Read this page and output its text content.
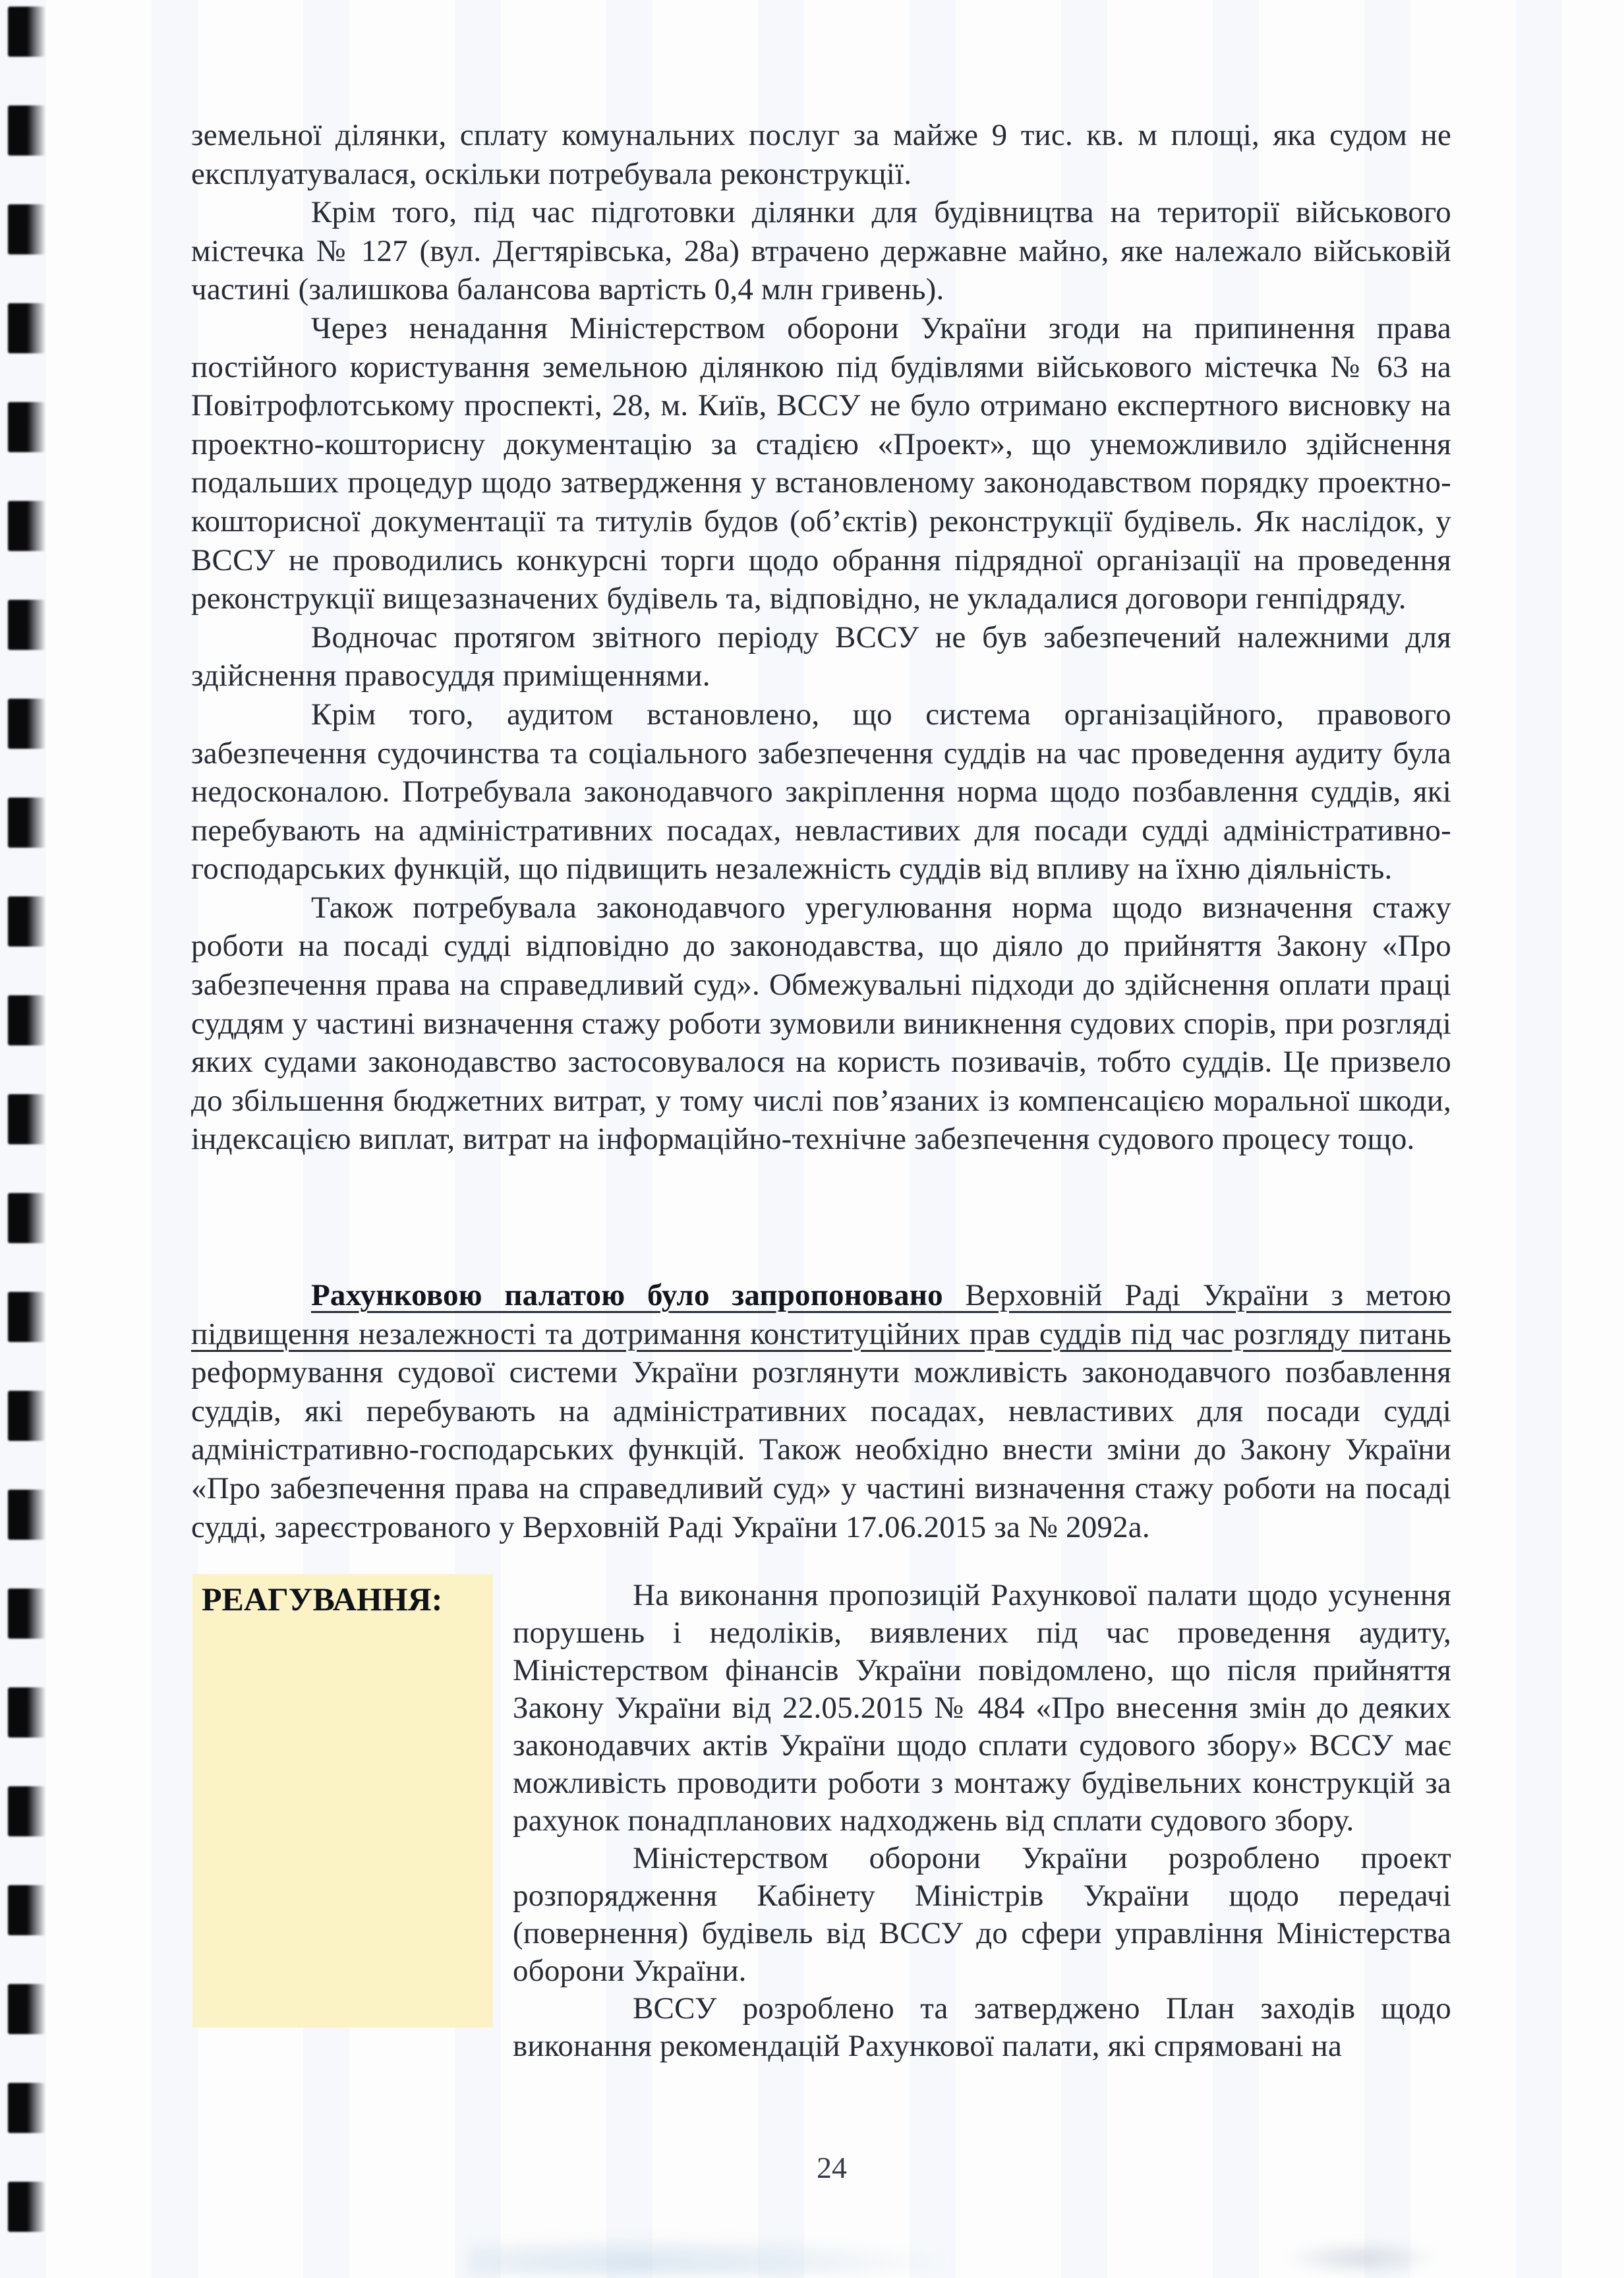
земельної ділянки, сплату комунальних послуг за майже 9 тис. кв. м площі, яка судом не експлуатувалася, оскільки потребувала реконструкції.

Крім того, під час підготовки ділянки для будівництва на території військового містечка № 127 (вул. Дегтярівська, 28а) втрачено державне майно, яке належало військовій частині (залишкова балансова вартість 0,4 млн гривень).

Через ненадання Міністерством оборони України згоди на припинення права постійного користування земельною ділянкою під будівлями військового містечка № 63 на Повітрофлотському проспекті, 28, м. Київ, ВССУ не було отримано експертного висновку на проектно-кошторисну документацію за стадією «Проект», що унеможливило здійснення подальших процедур щодо затвердження у встановленому законодавством порядку проектно-кошторисної документації та титулів будов (об’єктів) реконструкції будівель. Як наслідок, у ВССУ не проводились конкурсні торги щодо обрання підрядної організації на проведення реконструкції вищезазначених будівель та, відповідно, не укладалися договори генпідряду.

Водночас протягом звітного періоду ВССУ не був забезпечений належними для здійснення правосуддя приміщеннями.

Крім того, аудитом встановлено, що система організаційного, правового забезпечення судочинства та соціального забезпечення суддів на час проведення аудиту була недосконалою. Потребувала законодавчого закріплення норма щодо позбавлення суддів, які перебувають на адміністративних посадах, невластивих для посади судді адміністративно-господарських функцій, що підвищить незалежність суддів від впливу на їхню діяльність.

Також потребувала законодавчого урегулювання норма щодо визначення стажу роботи на посаді судді відповідно до законодавства, що діяло до прийняття Закону «Про забезпечення права на справедливий суд». Обмежувальні підходи до здійснення оплати праці суддям у частині визначення стажу роботи зумовили виникнення судових спорів, при розгляді яких судами законодавство застосовувалося на користь позивачів, тобто суддів. Це призвело до збільшення бюджетних витрат, у тому числі пов’язаних із компенсацією моральної шкоди, індексацією виплат, витрат на інформаційно-технічне забезпечення судового процесу тощо.

Рахунковою палатою було запропоновано Верховній Раді України з метою підвищення незалежності та дотримання конституційних прав суддів під час розгляду питань реформування судової системи України розглянути можливість законодавчого позбавлення суддів, які перебувають на адміністративних посадах, невластивих для посади судді адміністративно-господарських функцій. Також необхідно внести зміни до Закону України «Про забезпечення права на справедливий суд» у частині визначення стажу роботи на посаді судді, зареєстрованого у Верховній Раді України 17.06.2015 за № 2092а.

РЕАГУВАННЯ:	На виконання пропозицій Рахункової палати щодо усунення порушень і недоліків, виявлених під час проведення аудиту, Міністерством фінансів України повідомлено, що після прийняття Закону України від 22.05.2015 № 484 «Про внесення змін до деяких законодавчих актів України щодо сплати судового збору» ВССУ має можливість проводити роботи з монтажу будівельних конструкцій за рахунок понадпланових надходжень від сплати судового збору.

Міністерством оборони України розроблено проект розпорядження Кабінету Міністрів України щодо передачі (повернення) будівель від ВССУ до сфери управління Міністерства оборони України.

ВССУ розроблено та затверджено План заходів щодо виконання рекомендацій Рахункової палати, які спрямовані на

24
